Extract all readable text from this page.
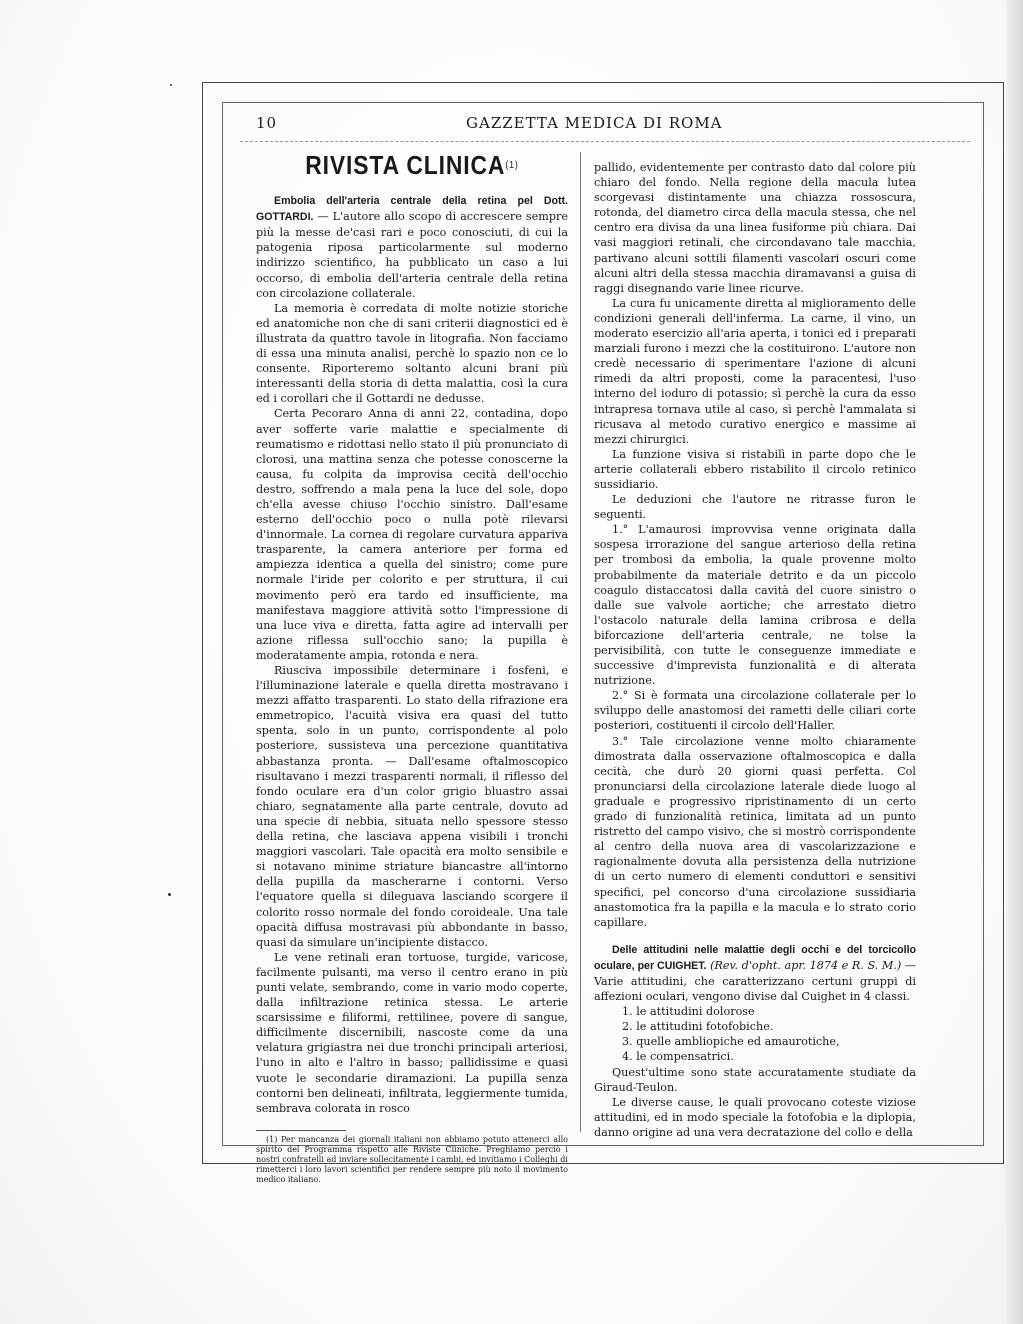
10	GAZZETTA MEDICA DI ROMA
RIVISTA CLINICA$^{(1)}$

Embolia dell'arteria centrale della retina pel Dott. GOTTARDI. — L'autore allo scopo di accrescere sempre più la messe de'casi rari e poco conosciuti, di cui la patogenia riposa particolarmente sul moderno indirizzo scientifico, ha pubblicato un caso a lui occorso, di embolia dell'arteria centrale della retina con circolazione collaterale.

La memoria è corredata di molte notizie storiche ed anatomiche non che di sani criterii diagnostici ed è illustrata da quattro tavole in litografia. Non facciamo di essa una minuta analisi, perchè lo spazio non ce lo consente. Riporteremo soltanto alcuni brani più interessanti della storia di detta malattia, così la cura ed i corollari che il Gottardi ne dedusse.

Certa Pecoraro Anna di anni 22, contadina, dopo aver sofferte varie malattie e specialmente di reumatismo e ridottasi nello stato il più pronunciato di clorosi, una mattina senza che potesse conoscerne la causa, fu colpita da improvisa cecità dell'occhio destro, soffrendo a mala pena la luce del sole, dopo ch'ella avesse chiuso l'occhio sinistro. Dall'esame esterno dell'occhio poco o nulla potè rilevarsi d'innormale. La cornea di regolare curvatura appariva trasparente, la camera anteriore per forma ed ampiezza identica a quella del sinistro; come pure normale l'iride per colorito e per struttura, il cui movimento però era tardo ed insufficiente, ma manifestava maggiore attività sotto l'impressione di una luce viva e diretta, fatta agire ad intervalli per azione riflessa sull'occhio sano; la pupilla è moderatamente ampia, rotonda e nera.

Riusciva impossibile determinare i fosfeni, e l'illuminazione laterale e quella diretta mostravano i mezzi affatto trasparenti. Lo stato della rifrazione era emmetropico, l'acuità visiva era quasi del tutto spenta, solo in un punto, corrispondente al polo posteriore, sussisteva una percezione quantitativa abbastanza pronta. — Dall'esame oftalmoscopico risultavano i mezzi trasparenti normali, il riflesso del fondo oculare era d'un color grigio bluastro assai chiaro, segnatamente alla parte centrale, dovuto ad una specie di nebbia, situata nello spessore stesso della retina, che lasciava appena visibili i tronchi maggiori vascolari. Tale opacità era molto sensibile e si notavano minime striature biancastre all'intorno della pupilla da mascherarne i contorni. Verso l'equatore quella si dileguava lasciando scorgere il colorito rosso normale del fondo coroideale. Una tale opacità diffusa mostravasi più abbondante in basso, quasi da simulare un'incipiente distacco.

Le vene retinali eran tortuose, turgide, varicose, facilmente pulsanti, ma verso il centro erano in più punti velate, sembrando, come in vario modo coperte, dalla infiltrazione retinica stessa. Le arterie scarsissime e filiformi, rettilinee, povere di sangue, difficilmente discernibili, nascoste come da una velatura grigiastra nei due tronchi principali arteriosi, l'uno in alto e l'altro in basso; pallidissime e quasi vuote le secondarie diramazioni. La pupilla senza contorni ben delineati, infiltrata, leggiermente tumida, sembrava colorata in rosco

(1) Per mancanza dei giornali italiani non abbiamo potuto attenerci allo spirito del Programma rispetto alle Riviste Cliniche. Preghiamo perciò i nostri confratelli ad inviare sollecitamente i cambi, ed invitiamo i Colleghi di rimetterci i loro lavori scientifici per rendere sempre più noto il movimento medico italiano.

pallido, evidentemente per contrasto dato dal colore più chiaro del fondo. Nella regione della macula lutea scorgevasi distintamente una chiazza rossoscura, rotonda, del diametro circa della macula stessa, che nel centro era divisa da una linea fusiforme più chiara. Dai vasi maggiori retinali, che circondavano tale macchia, partivano alcuni sottili filamenti vascolari oscuri come alcuni altri della stessa macchia diramavansi a guisa di raggi disegnando varie linee ricurve.

La cura fu unicamente diretta al miglioramento delle condizioni generali dell'inferma. La carne, il vino, un moderato esercizio all'aria aperta, i tonici ed i preparati marziali furono i mezzi che la costituirono. L'autore non credè necessario di sperimentare l'azione di alcuni rimedi da altri proposti, come la paracentesi, l'uso interno del ioduro di potassio; sì perchè la cura da esso intrapresa tornava utile al caso, sì perchè l'ammalata si ricusava al metodo curativo energico e massime ai mezzi chirurgici.

La funzione visiva si ristabilì in parte dopo che le arterie collaterali ebbero ristabilito il circolo retinico sussidiario.

Le deduzioni che l'autore ne ritrasse furon le seguenti.

1.° L'amaurosi improvvisa venne originata dalla sospesa irrorazione del sangue arterioso della retina per trombosi da embolia, la quale provenne molto probabilmente da materiale detrito e da un piccolo coagulo distaccatosi dalla cavità del cuore sinistro o dalle sue valvole aortiche; che arrestato dietro l'ostacolo naturale della lamina cribrosa e della biforcazione dell'arteria centrale, ne tolse la pervisibilità, con tutte le conseguenze immediate e successive d'imprevista funzionalità e di alterata nutrizione.

2.° Si è formata una circolazione collaterale per lo sviluppo delle anastomosi dei rametti delle ciliari corte posteriori, costituenti il circolo dell'Haller.

3.° Tale circolazione venne molto chiaramente dimostrata dalla osservazione oftalmoscopica e dalla cecità, che durò 20 giorni quasi perfetta. Col pronunciarsi della circolazione laterale diede luogo al graduale e progressivo ripristinamento di un certo grado di funzionalità retinica, limitata ad un punto ristretto del campo visivo, che si mostrò corrispondente al centro della nuova area di vascolarizzazione e ragionalmente dovuta alla persistenza della nutrizione di un certo numero di elementi conduttori e sensitivi specifici, pel concorso d'una circolazione sussidiaria anastomotica fra la papilla e la macula e lo strato corio capillare.

Delle attitudini nelle malattie degli occhi e del torcicollo oculare, per CUIGHET. (Rev. d'opht. apr. 1874 e R. S. M.) — Varie attitudini, che caratterizzano certuni gruppi di affezioni oculari, vengono divise dal Cuighet in 4 classi.

1. le attitudini dolorose

2. le attitudini fotofobiche.

3. quelle ambliopiche ed amaurotiche,

4. le compensatrici.

Quest'ultime sono state accuratamente studiate da Giraud-Teulon.

Le diverse cause, le quali provocano coteste viziose attitudini, ed in modo speciale la fotofobia e la diplopia, danno origine ad una vera decratazione del collo e della
